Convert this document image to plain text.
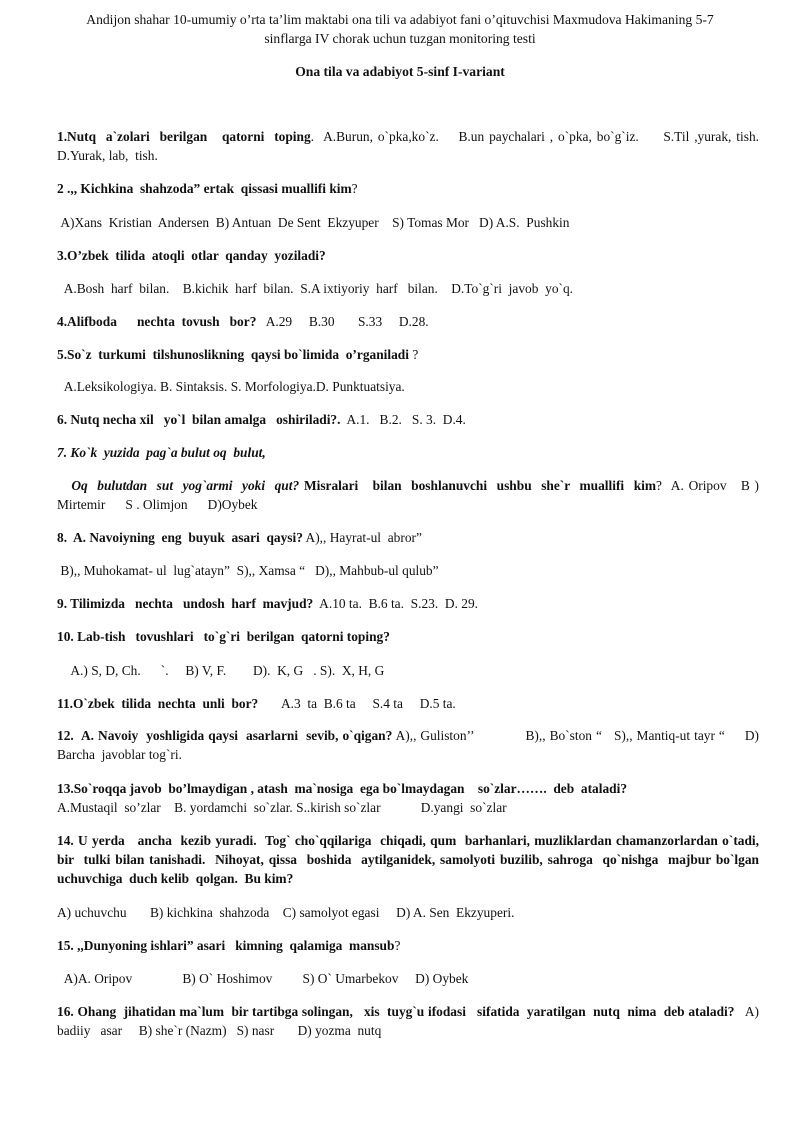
Andijon shahar 10-umumiy o’rta ta’lim maktabi ona tili va adabiyot fani o’qituvchisi Maxmudova Hakimaning 5-7
sinflarga IV chorak uchun tuzgan monitoring testi
Ona tila va adabiyot 5-sinf I-variant

1.Nutq  a`zolari  berilgan   qatorni  toping.  A.Burun, o`pka,ko`z.    B.un paychalari , o`pka, bo`g`iz.     S.Til ,yurak, tish.        D.Yurak, lab,  tish.

2 .,, Kichkina  shahzoda” ertak  qissasi muallifi kim?

A)Xans  Kristian  Andersen  B) Antuan  De Sent  Ekzyuper    S) Tomas Mor   D) A.S.  Pushkin

3.O’zbek  tilida  atoqli  otlar  qanday  yoziladi?

A.Bosh  harf  bilan.    B.kichik  harf  bilan.  S.A ixtiyoriy  harf   bilan.    D.To`g`ri  javob  yo`q.

4.Alifboda      nechta  tovush   bor?   A.29     B.30       S.33     D.28.

5.So`z  turkumi  tilshunoslikning  qaysi bo`limida  o’rganiladi ?

A.Leksikologiya. B. Sintaksis. S. Morfologiya.D. Punktuatsiya.

6. Nutq necha xil   yo`l  bilan amalga   oshiriladi?.  A.1.   B.2.   S. 3.  D.4.

7. Ko`k  yuzida  pag`a bulut oq  bulut,

Oq  bulutdan  sut  yog`armi  yoki  qut? Misralari   bilan  boshlanuvchi  ushbu  she`r  muallifi  kim?  A. Oripov   B ) Mirtemir      S . Olimjon      D)Oybek

8.  A. Navoiyning  eng  buyuk  asari  qaysi? A),, Hayrat-ul  abror”

B),, Muhokamat- ul  lug`atayn”  S),, Xamsa “   D),, Mahbub-ul qulub”

9. Tilimizda   nechta   undosh  harf  mavjud?  A.10 ta.  B.6 ta.  S.23.  D. 29.

10. Lab-tish   tovushlari   to`g`ri  berilgan  qatorni toping?

A.) S, D, Ch.      `.     B) V, F.        D).  K, G   . S).  X, H, G

11.O`zbek  tilida  nechta  unli  bor?       A.3  ta  B.6 ta     S.4 ta     D.5 ta.

12.  A. Navoiy  yoshligida qaysi  asarlarni  sevib, o`qigan? A),, Guliston’’             B),, Bo`ston “   S),, Mantiq-ut tayr “     D) Barcha  javoblar tog`ri.

13.So`roqqa javob  bo’lmaydigan , atash  ma`nosiga  ega bo`lmaydagan    so`zlar…….  deb  ataladi?
A.Mustaqil  so’zlar    B. yordamchi  so`zlar. S..kirish so`zlar            D.yangi  so`zlar

14. U yerda   ancha  kezib yuradi.  Tog` cho`qqilariga  chiqadi, qum  barhanlari, muzliklardan chamanzorlardan o`tadi,  bir  tulki bilan tanishadi.  Nihoyat, qissa  boshida  aytilganidek, samolyoti buzilib, sahroga  qo`nishga  majbur bo`lgan uchuvchiga  duch kelib  qolgan.  Bu kim?

A) uchuvchu       B) kichkina  shahzoda    C) samolyot egasi     D) A. Sen  Ekzyuperi.

15. ,,Dunyoning ishlari” asari   kimning  qalamiga  mansub?

A)A. Oripov               B) O` Hoshimov         S) O` Umarbekov     D) Oybek

16. Ohang  jihatidan ma`lum  bir tartibga solingan,   xis  tuyg`u ifodasi   sifatida  yaratilgan  nutq  nima  deb ataladi?   A) badiiy   asar     B) she`r (Nazm)   S) nasr       D) yozma  nutq
